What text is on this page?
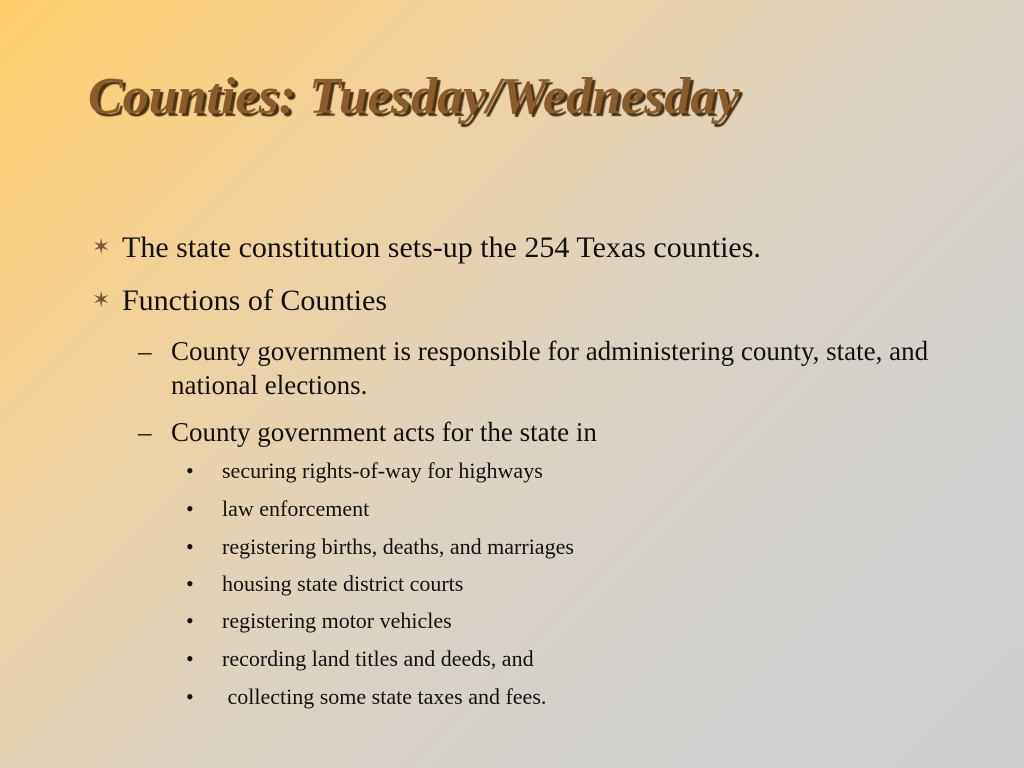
Counties: Tuesday/Wednesday
✶ The state constitution sets-up the 254 Texas counties.
✶ Functions of Counties
– County government is responsible for administering county, state, and national elections.
– County government acts for the state in
• securing rights-of-way for highways
• law enforcement
• registering births, deaths, and marriages
• housing state district courts
• registering motor vehicles
• recording land titles and deeds, and
• collecting some state taxes and fees.
